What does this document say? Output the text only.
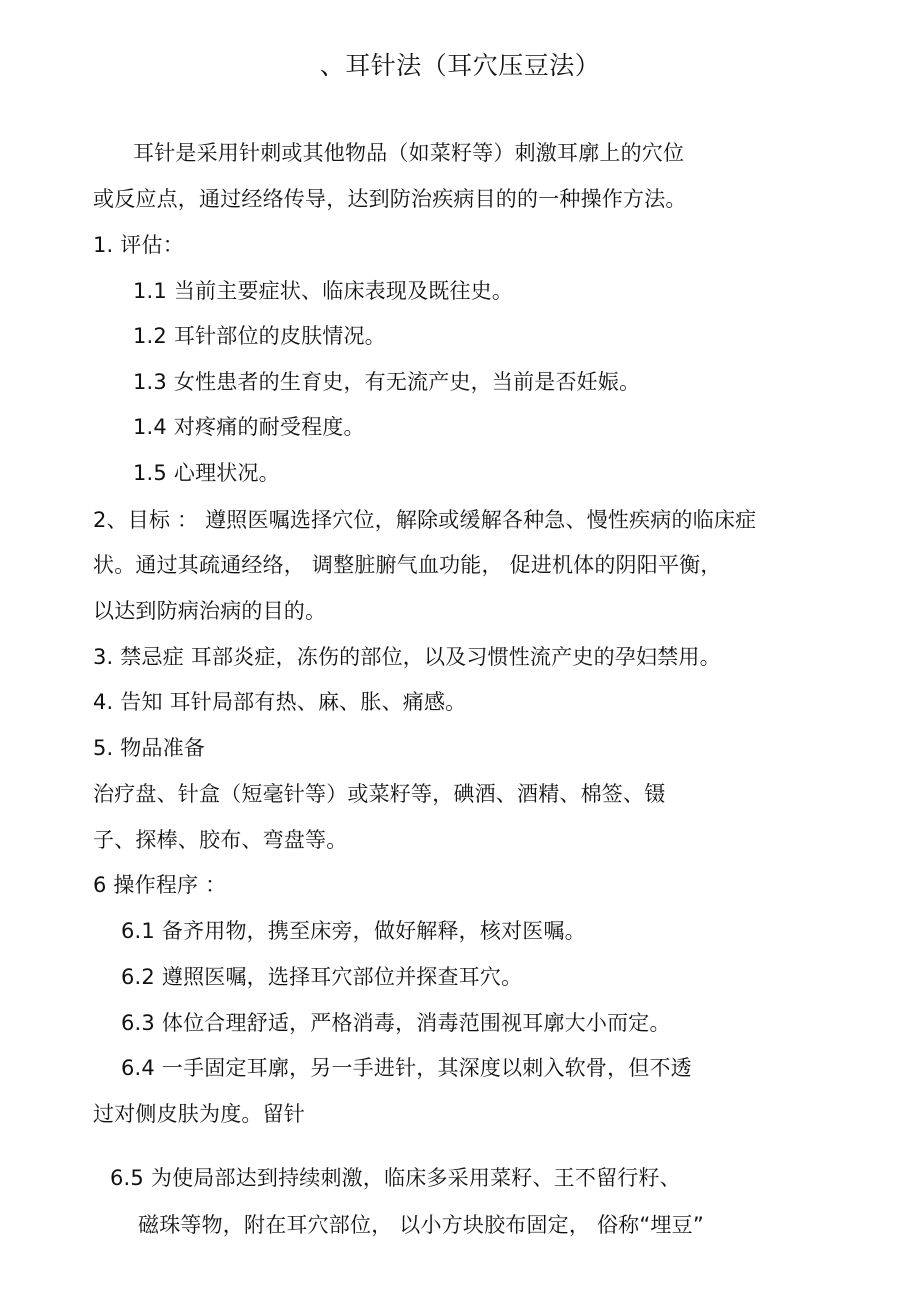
、耳针法（耳穴压豆法）
耳针是采用针刺或其他物品（如菜籽等）刺激耳廓上的穴位
或反应点，通过经络传导，达到防治疾病目的的一种操作方法。
1. 评估：
1.1 当前主要症状、临床表现及既往史。
1.2 耳针部位的皮肤情况。
1.3 女性患者的生育史，有无流产史，当前是否妊娠。
1.4 对疼痛的耐受程度。
1.5 心理状况。
2、目标 ： 遵照医嘱选择穴位，解除或缓解各种急、慢性疾病的临床症
状。通过其疏通经络， 调整脏腑气血功能， 促进机体的阴阳平衡，
以达到防病治病的目的。
3. 禁忌症 耳部炎症，冻伤的部位，以及习惯性流产史的孕妇禁用。
4. 告知 耳针局部有热、麻、胀、痛感。
5. 物品准备
治疗盘、针盒（短毫针等）或菜籽等，碘酒、酒精、棉签、镊
子、探棒、胶布、弯盘等。
6 操作程序 ：
6.1 备齐用物，携至床旁，做好解释，核对医嘱。
6.2 遵照医嘱，选择耳穴部位并探查耳穴。
6.3 体位合理舒适，严格消毒，消毒范围视耳廓大小而定。
6.4 一手固定耳廓，另一手进针，其深度以刺入软骨，但不透
过对侧皮肤为度。留针
6.5 为使局部达到持续刺激，临床多采用菜籽、王不留行籽、
磁珠等物，附在耳穴部位， 以小方块胶布固定， 俗称“埋豆”
